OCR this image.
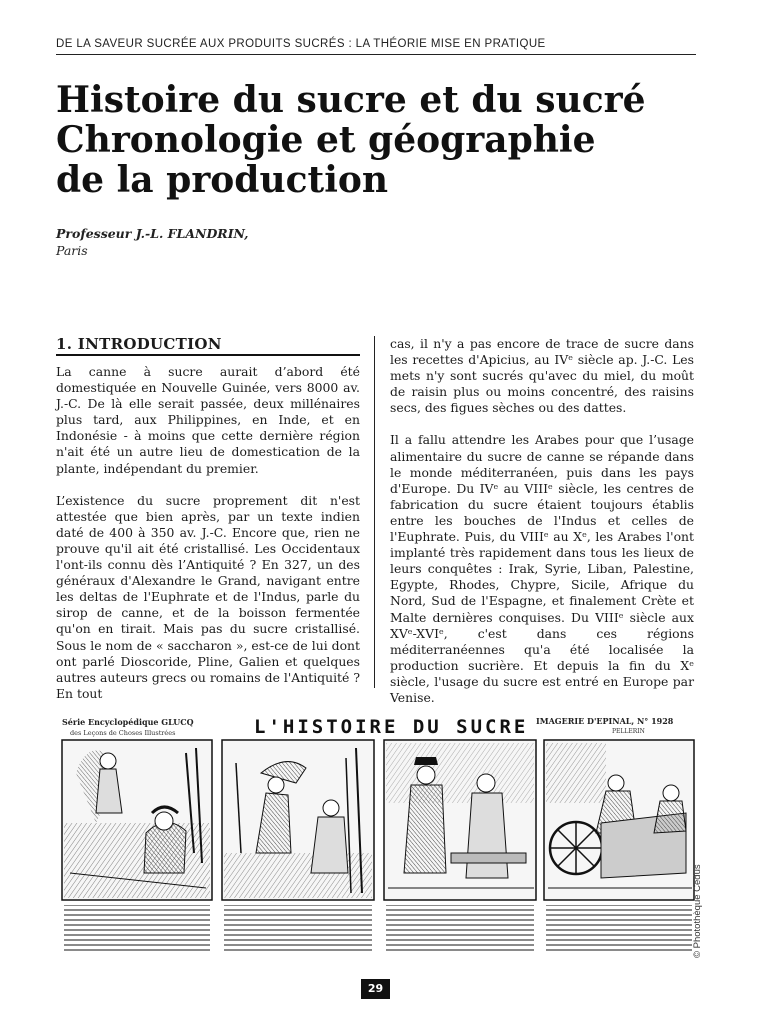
DE LA SAVEUR SUCRÉE AUX PRODUITS SUCRÉS : LA THÉORIE MISE EN PRATIQUE
Histoire du sucre et du sucré
Chronologie et géographie
de la production
Professeur J.-L. FLANDRIN,
Paris
1. INTRODUCTION

La canne à sucre aurait d’abord été domestiquée en Nouvelle Guinée, vers 8000 av. J.-C. De là elle serait passée, deux millénaires plus tard, aux Philippines, en Inde, et en Indonésie - à moins que cette dernière région n'ait été un autre lieu de domestication de la plante, indépendant du premier.

L’existence du sucre proprement dit n'est attestée que bien après, par un texte indien daté de 400 à 350 av. J.-C. Encore que, rien ne prouve qu'il ait été cristallisé. Les Occidentaux l'ont-ils connu dès l’Antiquité ? En 327, un des généraux d'Alexandre le Grand, navigant entre les deltas de l'Euphrate et de l'Indus, parle du sirop de canne, et de la boisson fermentée qu'on en tirait. Mais pas du sucre cristallisé. Sous le nom de « saccharon », est-ce de lui dont ont parlé Dioscoride, Pline, Galien et quelques autres auteurs grecs ou romains de l'Antiquité ? En tout

cas, il n'y a pas encore de trace de sucre dans les recettes d'Apicius, au IVᵉ siècle ap. J.-C. Les mets n'y sont sucrés qu'avec du miel, du moût de raisin plus ou moins concentré, des raisins secs, des figues sèches ou des dattes.

Il a fallu attendre les Arabes pour que l’usage alimentaire du sucre de canne se répande dans le monde méditerranéen, puis dans les pays d'Europe. Du IVᵉ au VIIIᵉ siècle, les centres de fabrication du sucre étaient toujours établis entre les bouches de l'Indus et celles de l'Euphrate. Puis, du VIIIᵉ au Xᵉ, les Arabes l'ont implanté très rapidement dans tous les lieux de leurs conquêtes : Irak, Syrie, Liban, Palestine, Egypte, Rhodes, Chypre, Sicile, Afrique du Nord, Sud de l'Espagne, et finalement Crète et Malte dernières conquises. Du VIIIᵉ siècle aux XVᵉ-XVIᵉ, c'est dans ces régions méditerranéennes qu'a été localisée la production sucrière. Et depuis la fin du Xᵉ siècle, l'usage du sucre est entré en Europe par Venise.

Série Encyclopédique GLUCQ
des Leçons de Choses Illustrées	L'HISTOIRE DU SUCRE IMAGERIE D'EPINAL, N° 1928
PELLERIN
© Photothèque Cedus
29
